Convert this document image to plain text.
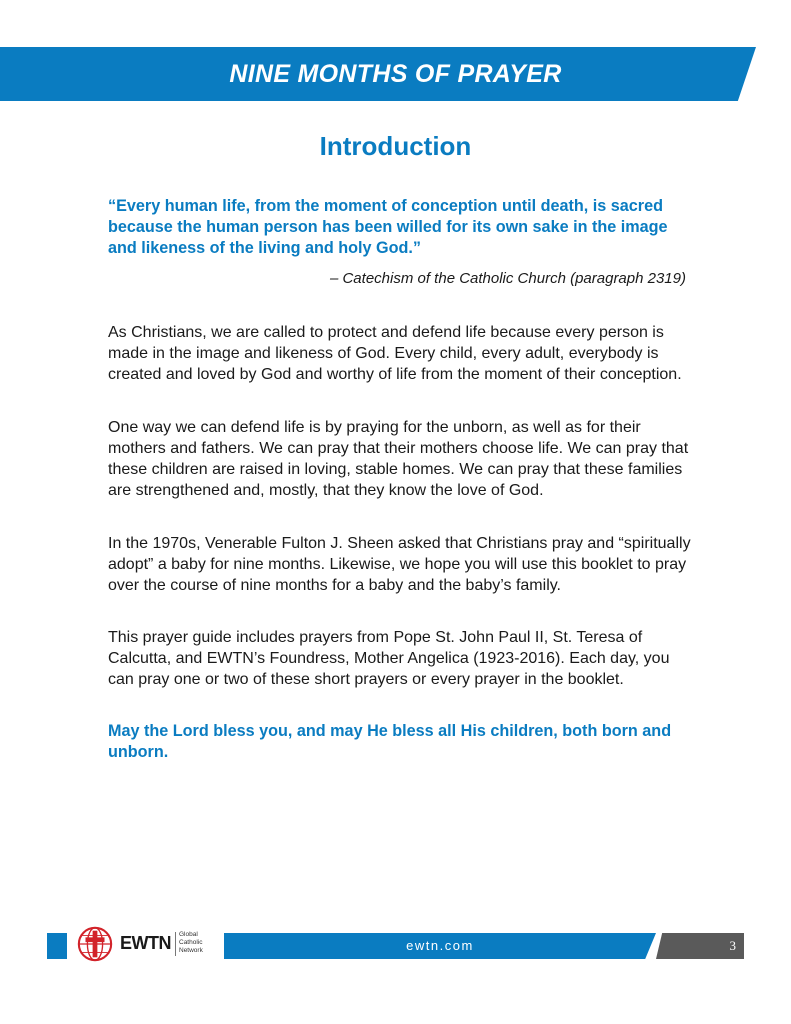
NINE MONTHS OF PRAYER
Introduction
“Every human life, from the moment of conception until death, is sacred because the human person has been willed for its own sake in the image and likeness of the living and holy God.”
– Catechism of the Catholic Church (paragraph 2319)
As Christians, we are called to protect and defend life because every person is made in the image and likeness of God. Every child, every adult, everybody is created and loved by God and worthy of life from the moment of their conception.
One way we can defend life is by praying for the unborn, as well as for their mothers and fathers. We can pray that their mothers choose life. We can pray that these children are raised in loving, stable homes. We can pray that these families are strengthened and, mostly, that they know the love of God.
In the 1970s, Venerable Fulton J. Sheen asked that Christians pray and “spiritually adopt” a baby for nine months. Likewise, we hope you will use this booklet to pray over the course of nine months for a baby and the baby’s family.
This prayer guide includes prayers from Pope St. John Paul II, St. Teresa of Calcutta, and EWTN’s Foundress, Mother Angelica (1923-2016). Each day, you can pray one or two of these short prayers or every prayer in the booklet.
May the Lord bless you, and may He bless all His children, both born and unborn.
EWTN Global
Catholic
Network	ewtn.com	3
